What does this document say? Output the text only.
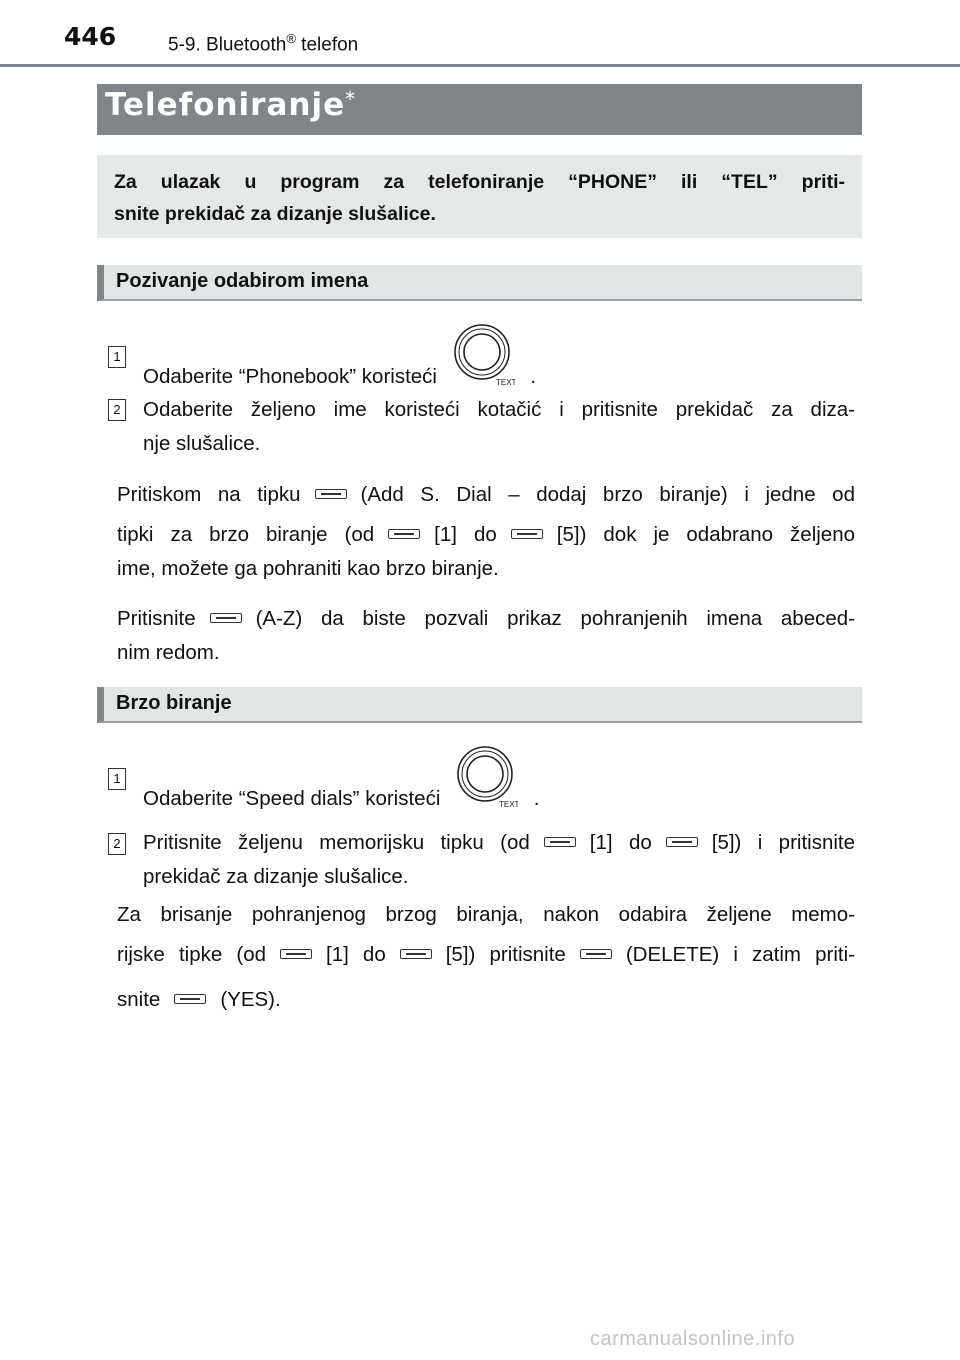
446	5-9. Bluetooth® telefon
Telefoniranje*
Za ulazak u program za telefoniranje “PHONE” ili “TEL” priti-
snite prekidač za dizanje slušalice.
Pozivanje odabirom imena
1
Odaberite “Phonebook” koristeći	TEXT .
2 Odaberite željeno ime koristeći kotačić i pritisnite prekidač za diza-
nje slušalice.
Pritiskom na tipku	(Add S. Dial – dodaj brzo biranje) i jedne od
tipki za brzo biranje (od	[1] do	[5]) dok je odabrano željeno
ime, možete ga pohraniti kao brzo biranje.
Pritisnite	(A-Z) da biste pozvali prikaz pohranjenih imena abeced-
nim redom.
Brzo biranje
1
Odaberite “Speed dials” koristeći	TEXT .
2 Pritisnite željenu memorijsku tipku (od	[1] do	[5]) i pritisnite
prekidač za dizanje slušalice.
Za brisanje pohranjenog brzog biranja, nakon odabira željene memo-
rijske tipke (od	[1] do	[5]) pritisnite	(DELETE) i zatim priti-
snite	(YES).
carmanualsonline.info
